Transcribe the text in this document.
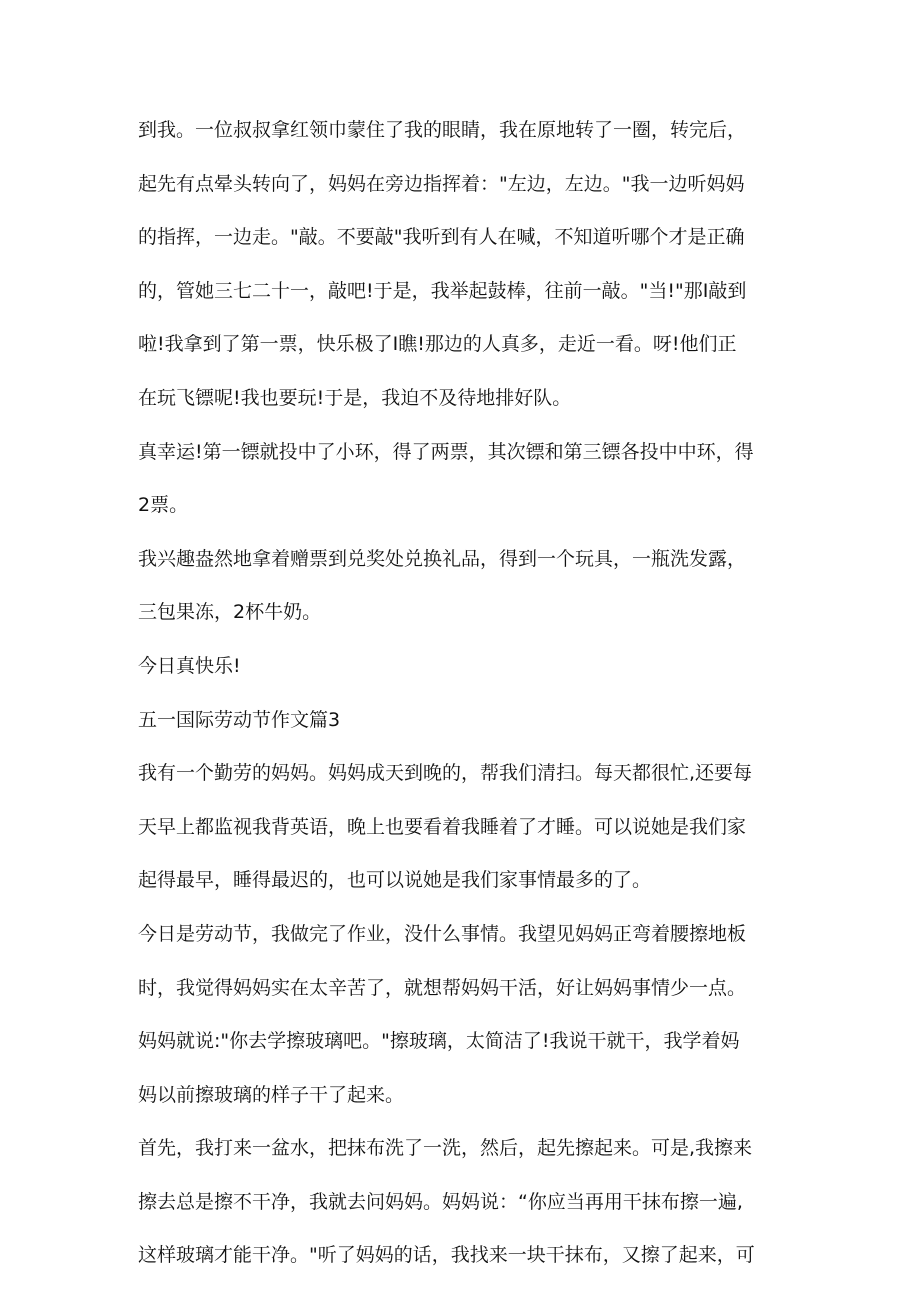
到我。一位叔叔拿红领巾蒙住了我的眼睛，我在原地转了一圈，转完后，
起先有点晕头转向了，妈妈在旁边指挥着："左边，左边。"我一边听妈妈
的指挥，一边走。"敲。不要敲"我听到有人在喊，不知道听哪个才是正确
的，管她三七二十一，敲吧!于是，我举起鼓棒，往前一敲。"当!"那I敲到
啦!我拿到了第一票，快乐极了I瞧!那边的人真多，走近一看。呀!他们正
在玩飞镖呢!我也要玩!于是，我迫不及待地排好队。
真幸运!第一镖就投中了小环，得了两票，其次镖和第三镖各投中中环，得
2票。
我兴趣盎然地拿着赠票到兑奖处兑换礼品，得到一个玩具，一瓶洗发露，
三包果冻，2杯牛奶。
今日真快乐!
五一国际劳动节作文篇3
我有一个勤劳的妈妈。妈妈成天到晚的，帮我们清扫。每天都很忙,还要每
天早上都监视我背英语，晚上也要看着我睡着了才睡。可以说她是我们家
起得最早，睡得最迟的，也可以说她是我们家事情最多的了。
今日是劳动节，我做完了作业，没什么事情。我望见妈妈正弯着腰擦地板
时，我觉得妈妈实在太辛苦了，就想帮妈妈干活，好让妈妈事情少一点。
妈妈就说:"你去学擦玻璃吧。"擦玻璃，太简洁了!我说干就干，我学着妈
妈以前擦玻璃的样子干了起来。
首先，我打来一盆水，把抹布洗了一洗，然后，起先擦起来。可是,我擦来
擦去总是擦不干净，我就去问妈妈。妈妈说：“你应当再用干抹布擦一遍,
这样玻璃才能干净。"听了妈妈的话，我找来一块干抹布，又擦了起来，可
